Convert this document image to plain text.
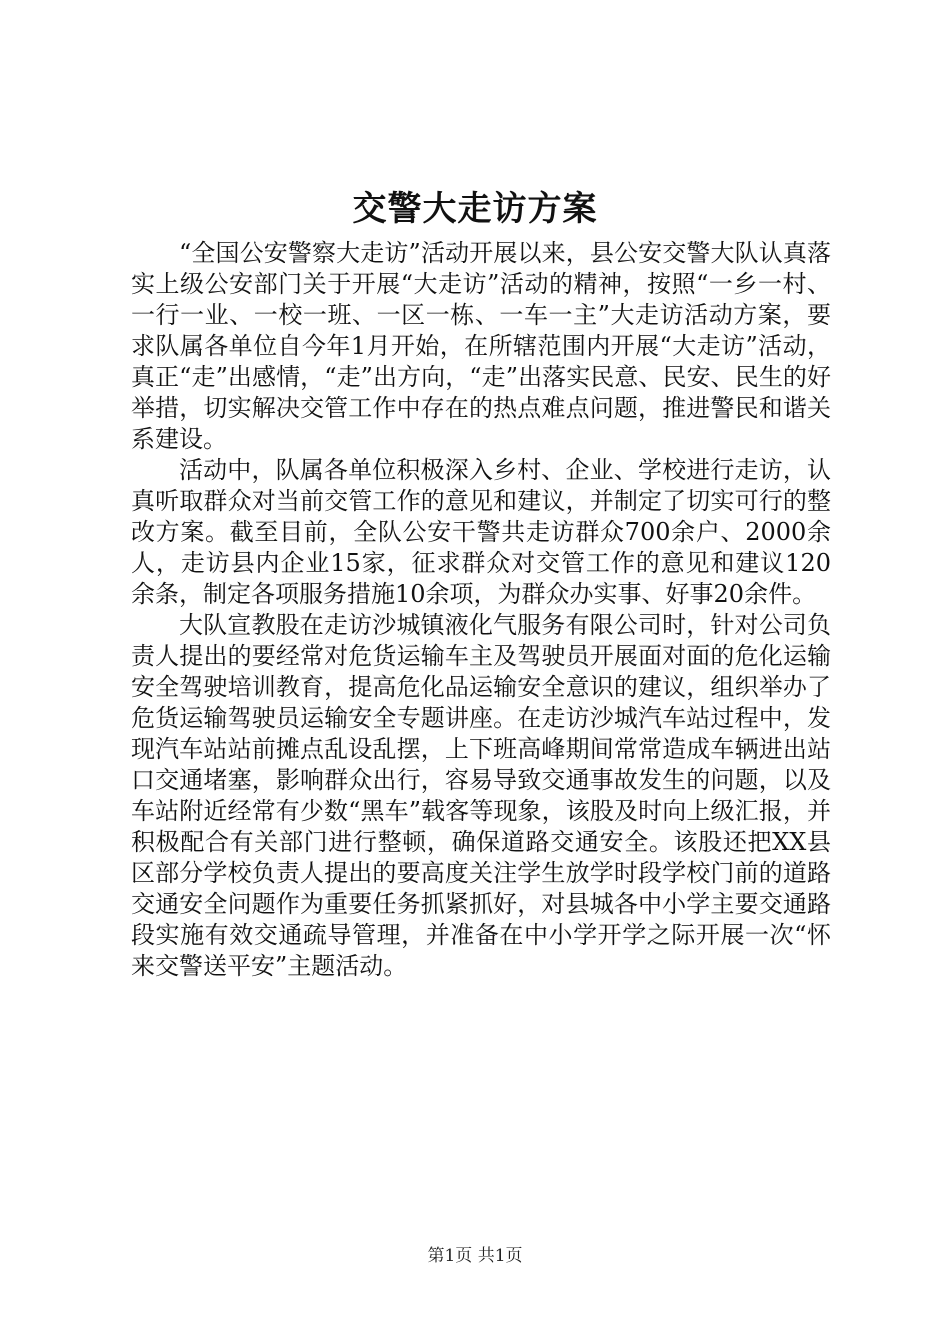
交警大走访方案

“全国公安警察大走访”活动开展以来，县公安交警大队认真落实上级公安部门关于开展“大走访”活动的精神，按照“一乡一村、一行一业、一校一班、一区一栋、一车一主”大走访活动方案，要求队属各单位自今年1月开始，在所辖范围内开展“大走访”活动，真正“走”出感情，“走”出方向，“走”出落实民意、民安、民生的好举措，切实解决交管工作中存在的热点难点问题，推进警民和谐关系建设。

活动中，队属各单位积极深入乡村、企业、学校进行走访，认真听取群众对当前交管工作的意见和建议，并制定了切实可行的整改方案。截至目前，全队公安干警共走访群众700余户、2000余人，走访县内企业15家，征求群众对交管工作的意见和建议120余条，制定各项服务措施10余项，为群众办实事、好事20余件。

大队宣教股在走访沙城镇液化气服务有限公司时，针对公司负责人提出的要经常对危货运输车主及驾驶员开展面对面的危化运输安全驾驶培训教育，提高危化品运输安全意识的建议，组织举办了危货运输驾驶员运输安全专题讲座。在走访沙城汽车站过程中，发现汽车站站前摊点乱设乱摆，上下班高峰期间常常造成车辆进出站口交通堵塞，影响群众出行，容易导致交通事故发生的问题，以及车站附近经常有少数“黑车”载客等现象，该股及时向上级汇报，并积极配合有关部门进行整顿，确保道路交通安全。该股还把XX县区部分学校负责人提出的要高度关注学生放学时段学校门前的道路交通安全问题作为重要任务抓紧抓好，对县城各中小学主要交通路段实施有效交通疏导管理，并准备在中小学开学之际开展一次“怀来交警送平安”主题活动。

第1页 共1页
